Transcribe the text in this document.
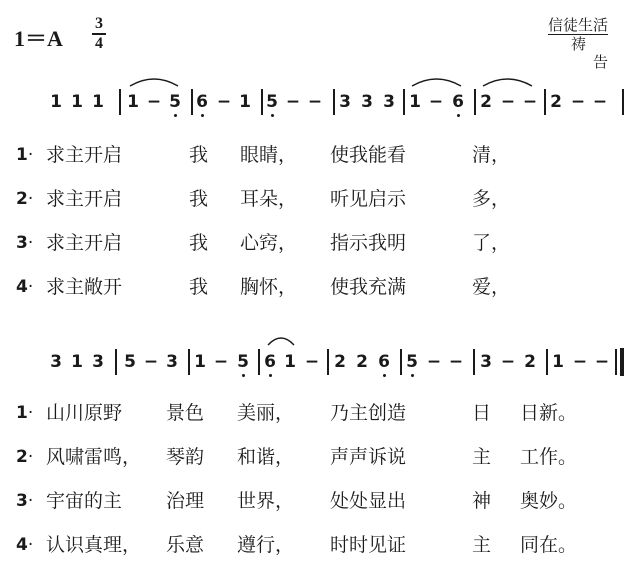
1＝A
3
4
信徒生活
祷告
1 1 1 1 − 5 6 − 1 5 − − 3 3 3 1 − 6 2 − − 2 − −
3 1 3 5 − 3 1 − 5 6 1 − 2 2 6 5 − − 3 − 2 1 − −
1· 求主开启	我 眼睛， 使我能看	清，
2· 求主开启	我 耳朵， 听见启示	多，
3· 求主开启	我 心窍， 指示我明	了，
4· 求主敞开	我 胸怀， 使我充满	爱，
1· 山川原野 景色 美丽， 乃主创造	日 日新。
2· 风啸雷鸣， 琴韵 和谐， 声声诉说	主 工作。
3· 宇宙的主 治理 世界， 处处显出	神 奥妙。
4· 认识真理， 乐意 遵行， 时时见证	主 同在。
